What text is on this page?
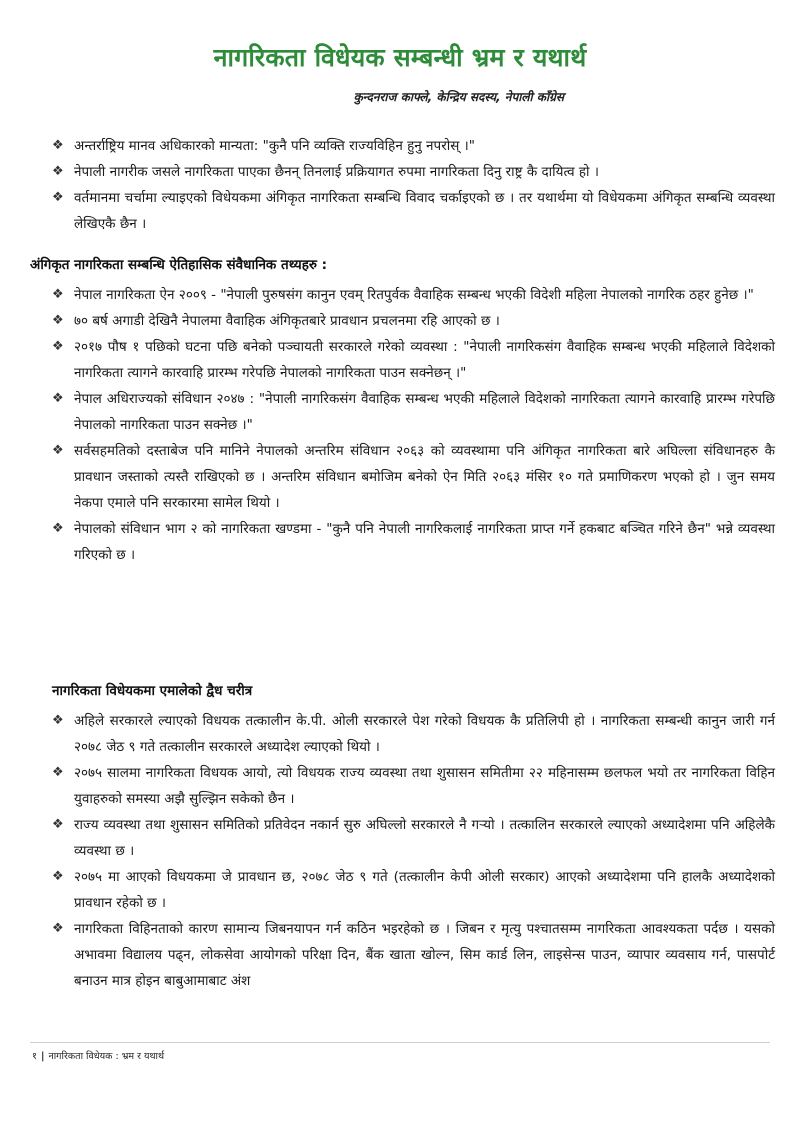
नागरिकता विधेयक सम्बन्धी भ्रम र यथार्थ
कुन्दनराज काफ्ले, केन्द्रिय सदस्य, नेपाली काँग्रेस
❖ अन्तर्राष्ट्रिय मानव अधिकारको मान्यता: "कुनै पनि व्यक्ति राज्यविहिन हुनु नपरोस् ।"
❖ नेपाली नागरीक जसले नागरिकता पाएका छैनन् तिनलाई प्रक्रियागत रुपमा नागरिकता दिनु राष्ट्र कै दायित्व हो ।
❖ वर्तमानमा चर्चामा ल्याइएको विधेयकमा अंगिकृत नागरिकता सम्बन्धि विवाद चर्काइएको छ । तर यथार्थमा यो विधेयकमा अंगिकृत सम्बन्धि व्यवस्था लेखिएकै छैन ।
अंगिकृत नागरिकता सम्बन्धि ऐतिहासिक संवैधानिक तथ्यहरु :
❖ नेपाल नागरिकता ऐन २००९ - "नेपाली पुरुषसंग कानुन एवम् रितपुर्वक वैवाहिक सम्बन्ध भएकी विदेशी महिला नेपालको नागरिक ठहर हुनेछ ।"
❖ ७० बर्ष अगाडी देखिनै नेपालमा वैवाहिक अंगिकृतबारे प्रावधान प्रचलनमा रहि आएको छ ।
❖ २०१७ पौष १ पछिको घटना पछि बनेको पञ्चायती सरकारले गरेको व्यवस्था : "नेपाली नागरिकसंग वैवाहिक सम्बन्ध भएकी महिलाले विदेशको नागरिकता त्यागने कारवाहि प्रारम्भ गरेपछि नेपालको नागरिकता पाउन सक्नेछन् ।"
❖ नेपाल अधिराज्यको संविधान २०४७ : "नेपाली नागरिकसंग वैवाहिक सम्बन्ध भएकी महिलाले विदेशको नागरिकता त्यागने कारवाहि प्रारम्भ गरेपछि नेपालको नागरिकता पाउन सक्नेछ ।"
❖ सर्वसहमतिको दस्ताबेज पनि मानिने नेपालको अन्तरिम संविधान २०६३ को व्यवस्थामा पनि अंगिकृत नागरिकता बारे अघिल्ला संविधानहरु कै प्रावधान जस्ताको त्यस्तै राखिएको छ । अन्तरिम संविधान बमोजिम बनेको ऐन मिति २०६३ मंसिर १० गते प्रमाणिकरण भएको हो । जुन समय नेकपा एमाले पनि सरकारमा सामेल थियो ।
❖ नेपालको संविधान भाग २ को नागरिकता खण्डमा - "कुनै पनि नेपाली नागरिकलाई नागरिकता प्राप्त गर्ने हकबाट बञ्चित गरिने छैन" भन्ने व्यवस्था गरिएको छ ।
नागरिकता विधेयकमा एमालेको द्वैध चरीत्र
❖ अहिले सरकारले ल्याएको विधयक तत्कालीन के.पी. ओली सरकारले पेश गरेको विधयक कै प्रतिलिपी हो । नागरिकता सम्बन्धी कानुन जारी गर्न २०७८ जेठ ९ गते तत्कालीन सरकारले अध्यादेश ल्याएको थियो ।
❖ २०७५ सालमा नागरिकता विधयक आयो, त्यो विधयक राज्य व्यवस्था तथा शुसासन समितीमा २२ महिनासम्म छलफल भयो तर नागरिकता विहिन युवाहरुको समस्या अझै सुल्झिन सकेको छैन ।
❖ राज्य व्यवस्था तथा शुसासन समितिको प्रतिवेदन नकार्न सुरु अघिल्लो सरकारले नै गऱ्यो । तत्कालिन सरकारले ल्याएको अध्यादेशमा पनि अहिलेकै व्यवस्था छ ।
❖ २०७५ मा आएको विधयकमा जे प्रावधान छ, २०७८ जेठ ९ गते (तत्कालीन केपी ओली सरकार) आएको अध्यादेशमा पनि हालकै अध्यादेशको प्रावधान रहेको छ ।
❖ नागरिकता विहिनताको कारण सामान्य जिबनयापन गर्न कठिन भइरहेको छ । जिबन र मृत्यु पश्चातसम्म नागरिकता आवश्यकता पर्दछ । यसको अभावमा विद्यालय पढ्न, लोकसेवा आयोगको परिक्षा दिन, बैंक खाता खोल्न, सिम कार्ड लिन, लाइसेन्स पाउन, व्यापार व्यवसाय गर्न, पासपोर्ट बनाउन मात्र होइन बाबुआमाबाट अंश
१ | नागरिकता विधेयक : भ्रम र यथार्थ
